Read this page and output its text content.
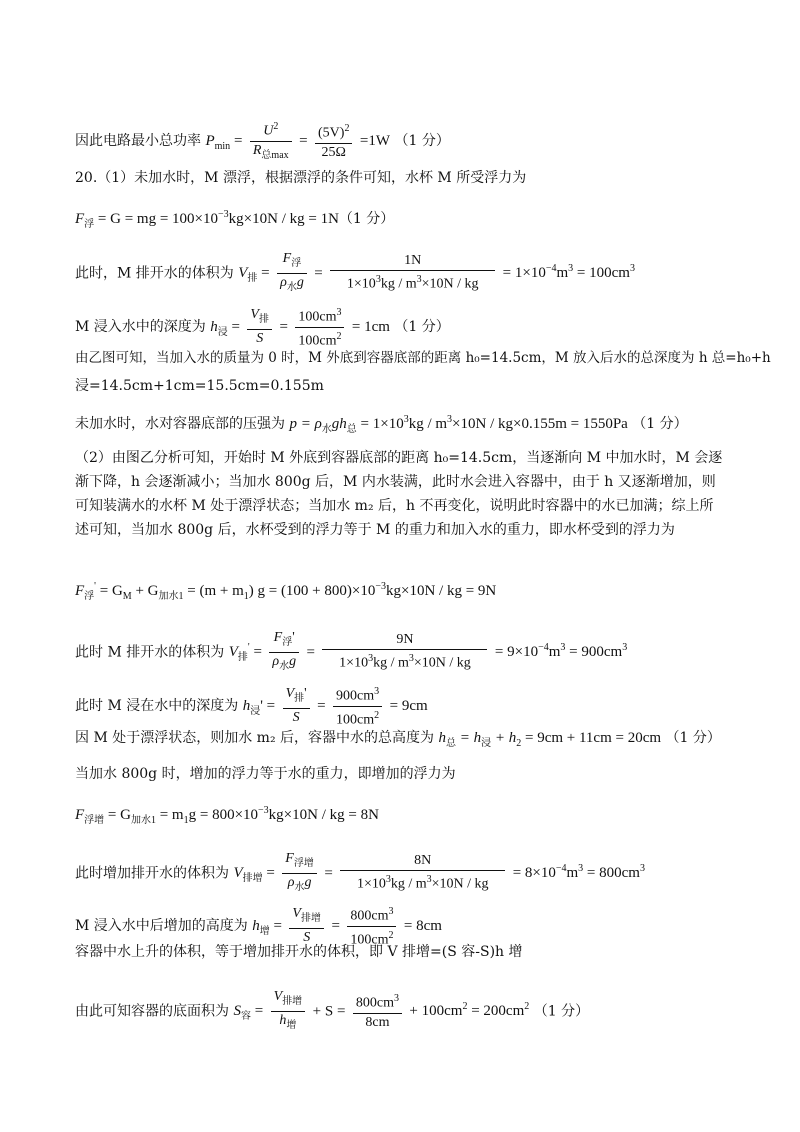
因此电路最小总功率 $P_{min} = \frac{U^2}{R_{总max}} = \frac{(5V)^2}{25\Omega} =1W$ （1 分）
20.（1）未加水时，M 漂浮，根据漂浮的条件可知，水杯 M 所受浮力为
$F_浮 = G$ = mg = $100\times 10^{-3}kg\times 10N$ / kg = 1N（1 分）
此时，M 排开水的体积为 $V_排 = \frac{F_浮}{\rho_水g} = \frac{1N}{1\times 10^3kg / m^3\times 10N / kg} = 1\times 10^{-4}m^3 = 100cm^3$
M 浸入水中的深度为 $h_浸 = \frac{V_排}{S} = \frac{100cm^3}{100cm^2} = 1cm$ （1 分）
由乙图可知，当加入水的质量为 0 时，M 外底到容器底部的距离 h₀=14.5cm，M 放入后水的总深度为 h 总=h₀+h
浸=14.5cm+1cm=15.5cm=0.155m
未加水时，水对容器底部的压强为 $p = \rho_水gh_总 = 1\times 10^3kg / m^3\times 10N / kg\times 0.155m = 1550Pa$ （1 分）
（2）由图乙分析可知，开始时 M 外底到容器底部的距离 h₀=14.5cm，当逐渐向 M 中加水时，M 会逐渐下降，h 会逐渐减小；当加水 800g 后，M 内水装满，此时水会进入容器中，由于 h 又逐渐增加，则可知装满水的水杯 M 处于漂浮状态；当加水 m₂ 后，h 不再变化，说明此时容器中的水已加满；综上所述可知，当加水 800g 后，水杯受到的浮力等于 M 的重力和加入水的重力，即水杯受到的浮力为
$F_浮' = G_M + G_{加水1} = (m + m_1) g = (100 + 800)\times 10^{-3}kg\times 10N$ / kg = 9N
此时 M 排开水的体积为 $V_排' = \frac{F_浮'}{\rho_水g} = \frac{9N}{1\times 10^3kg / m^3\times 10N / kg} = 9\times 10^{-4}m^3 = 900cm^3$
此时 M 浸在水中的深度为 $h_浸' = \frac{V_排'}{S} = \frac{900cm^3}{100cm^2} = 9cm$
因 M 处于漂浮状态，则加水 m₂ 后，容器中水的总高度为 $h_总 = h_浸 + h_2 = 9cm + 11cm = 20cm$ （1 分）
当加水 800g 时，增加的浮力等于水的重力，即增加的浮力为
$F_{浮增} = G_{加水1} = m_1g = 800\times 10^{-3}kg\times 10N$ / kg = 8N
此时增加排开水的体积为 $V_{排增} = \frac{F_{浮增}}{\rho_水g} = \frac{8N}{1\times 10^3kg / m^3\times 10N / kg} = 8\times 10^{-4}m^3 = 800cm^3$
M 浸入水中后增加的高度为 $h_增 = \frac{V_{排增}}{S} = \frac{800cm^3}{100cm^2} = 8cm$
容器中水上升的体积，等于增加排开水的体积，即 V 排增=(S 容-S)h 增
由此可知容器的底面积为 $S_容 = \frac{V_{排增}}{h_增} + S = \frac{800cm^3}{8cm} + 100cm^2 = 200cm^2$ （1 分）
